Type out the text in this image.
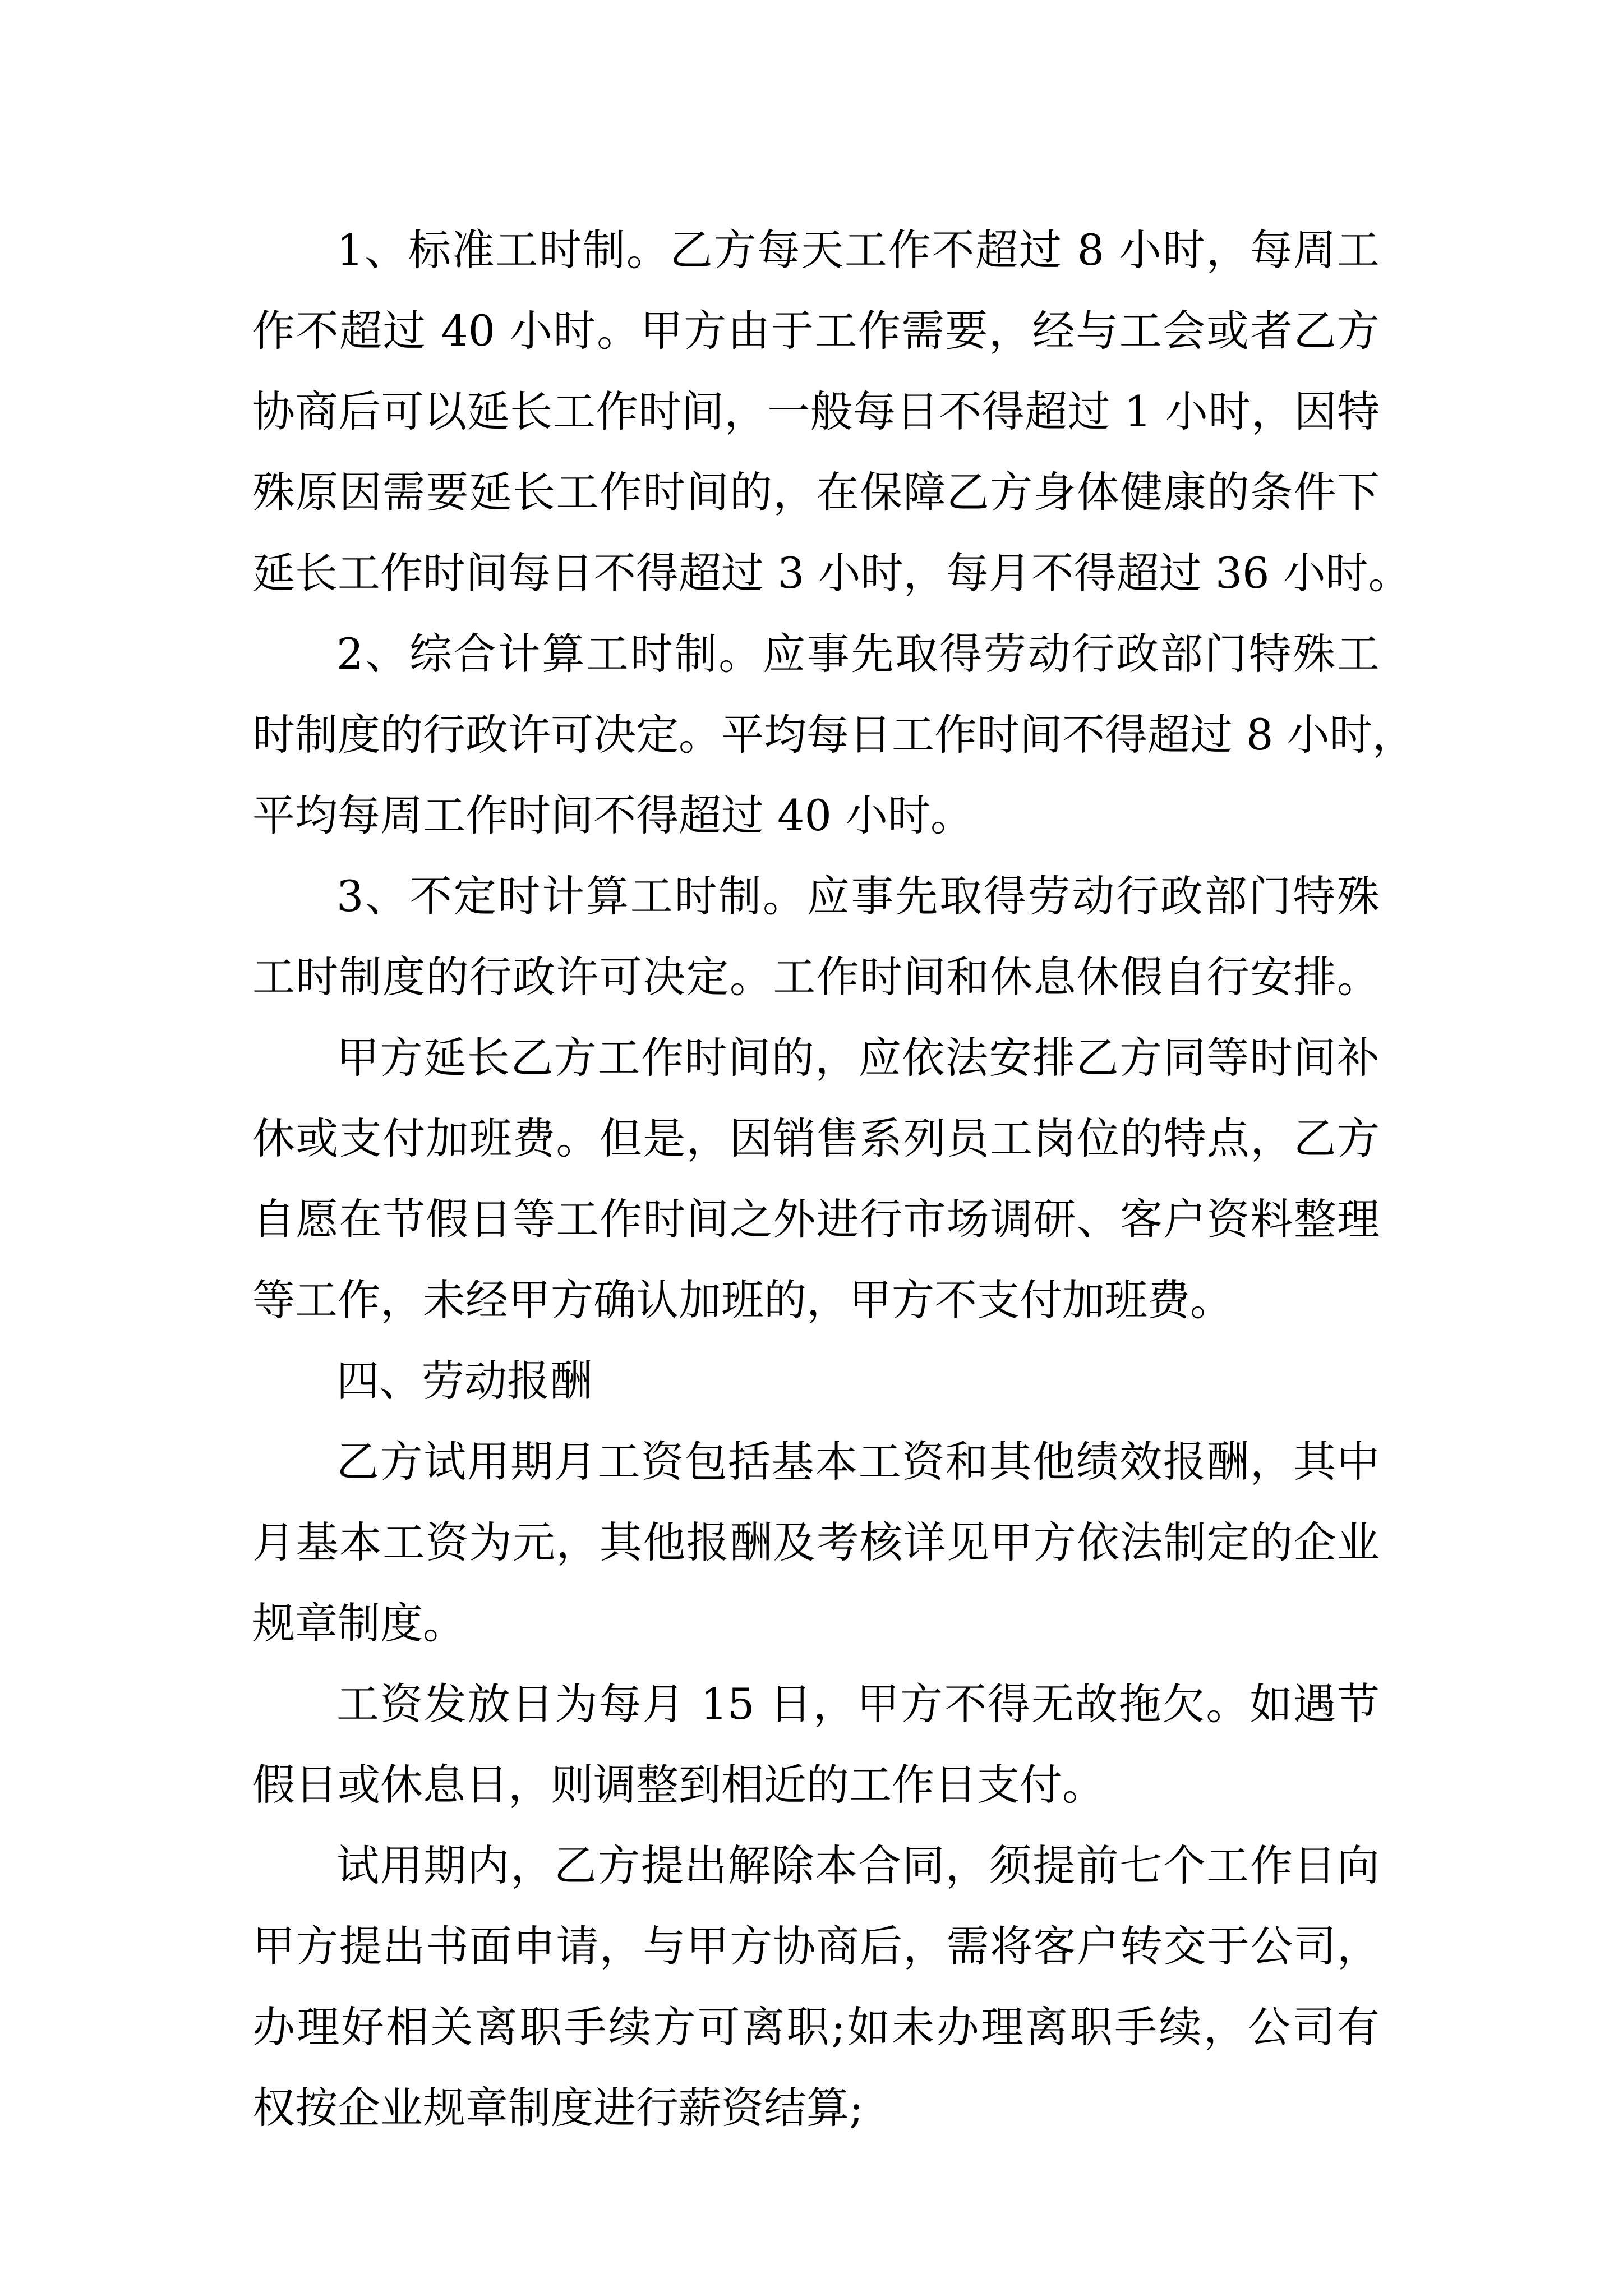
1、标准工时制。乙方每天工作不超过 8 小时，每周工
作不超过 40 小时。甲方由于工作需要，经与工会或者乙方
协商后可以延长工作时间，一般每日不得超过 1 小时，因特
殊原因需要延长工作时间的，在保障乙方身体健康的条件下
延长工作时间每日不得超过 3 小时，每月不得超过 36 小时。
2、综合计算工时制。应事先取得劳动行政部门特殊工
时制度的行政许可决定。平均每日工作时间不得超过 8 小时，
平均每周工作时间不得超过 40 小时。
3、不定时计算工时制。应事先取得劳动行政部门特殊
工时制度的行政许可决定。工作时间和休息休假自行安排。
甲方延长乙方工作时间的，应依法安排乙方同等时间补
休或支付加班费。但是，因销售系列员工岗位的特点，乙方
自愿在节假日等工作时间之外进行市场调研、客户资料整理
等工作，未经甲方确认加班的，甲方不支付加班费。
四、劳动报酬
乙方试用期月工资包括基本工资和其他绩效报酬，其中
月基本工资为元，其他报酬及考核详见甲方依法制定的企业
规章制度。
工资发放日为每月 15 日，甲方不得无故拖欠。如遇节
假日或休息日，则调整到相近的工作日支付。
试用期内，乙方提出解除本合同，须提前七个工作日向
甲方提出书面申请，与甲方协商后，需将客户转交于公司，
办理好相关离职手续方可离职;如未办理离职手续，公司有
权按企业规章制度进行薪资结算;
